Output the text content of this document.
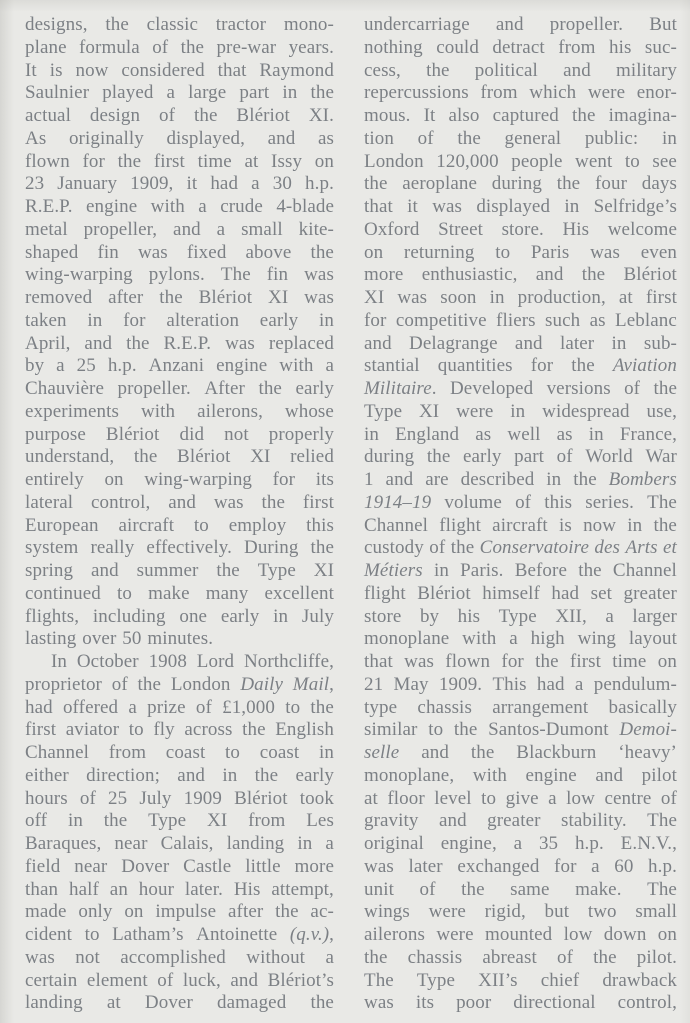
designs, the classic tractor mono-
plane formula of the pre-war years.
It is now considered that Raymond
Saulnier played a large part in the
actual design of the Blériot XI.
As originally displayed, and as
flown for the first time at Issy on
23 January 1909, it had a 30 h.p.
R.E.P. engine with a crude 4-blade
metal propeller, and a small kite-
shaped fin was fixed above the
wing-warping pylons. The fin was
removed after the Blériot XI was
taken in for alteration early in
April, and the R.E.P. was replaced
by a 25 h.p. Anzani engine with a
Chauvière propeller. After the early
experiments with ailerons, whose
purpose Blériot did not properly
understand, the Blériot XI relied
entirely on wing-warping for its
lateral control, and was the first
European aircraft to employ this
system really effectively. During the
spring and summer the Type XI
continued to make many excellent
flights, including one early in July
lasting over 50 minutes.
In October 1908 Lord Northcliffe,
proprietor of the London Daily Mail,
had offered a prize of £1,000 to the
first aviator to fly across the English
Channel from coast to coast in
either direction; and in the early
hours of 25 July 1909 Blériot took
off in the Type XI from Les
Baraques, near Calais, landing in a
field near Dover Castle little more
than half an hour later. His attempt,
made only on impulse after the ac-
cident to Latham’s Antoinette (q.v.),
was not accomplished without a
certain element of luck, and Blériot’s
landing at Dover damaged the
undercarriage and propeller. But
nothing could detract from his suc-
cess, the political and military
repercussions from which were enor-
mous. It also captured the imagina-
tion of the general public: in
London 120,000 people went to see
the aeroplane during the four days
that it was displayed in Selfridge’s
Oxford Street store. His welcome
on returning to Paris was even
more enthusiastic, and the Blériot
XI was soon in production, at first
for competitive fliers such as Leblanc
and Delagrange and later in sub-
stantial quantities for the Aviation
Militaire. Developed versions of the
Type XI were in widespread use,
in England as well as in France,
during the early part of World War
1 and are described in the Bombers
1914–19 volume of this series. The
Channel flight aircraft is now in the
custody of the Conservatoire des Arts et
Métiers in Paris. Before the Channel
flight Blériot himself had set greater
store by his Type XII, a larger
monoplane with a high wing layout
that was flown for the first time on
21 May 1909. This had a pendulum-
type chassis arrangement basically
similar to the Santos-Dumont Demoi-
selle and the Blackburn ‘heavy’
monoplane, with engine and pilot
at floor level to give a low centre of
gravity and greater stability. The
original engine, a 35 h.p. E.N.V.,
was later exchanged for a 60 h.p.
unit of the same make. The
wings were rigid, but two small
ailerons were mounted low down on
the chassis abreast of the pilot.
The Type XII’s chief drawback
was its poor directional control,
